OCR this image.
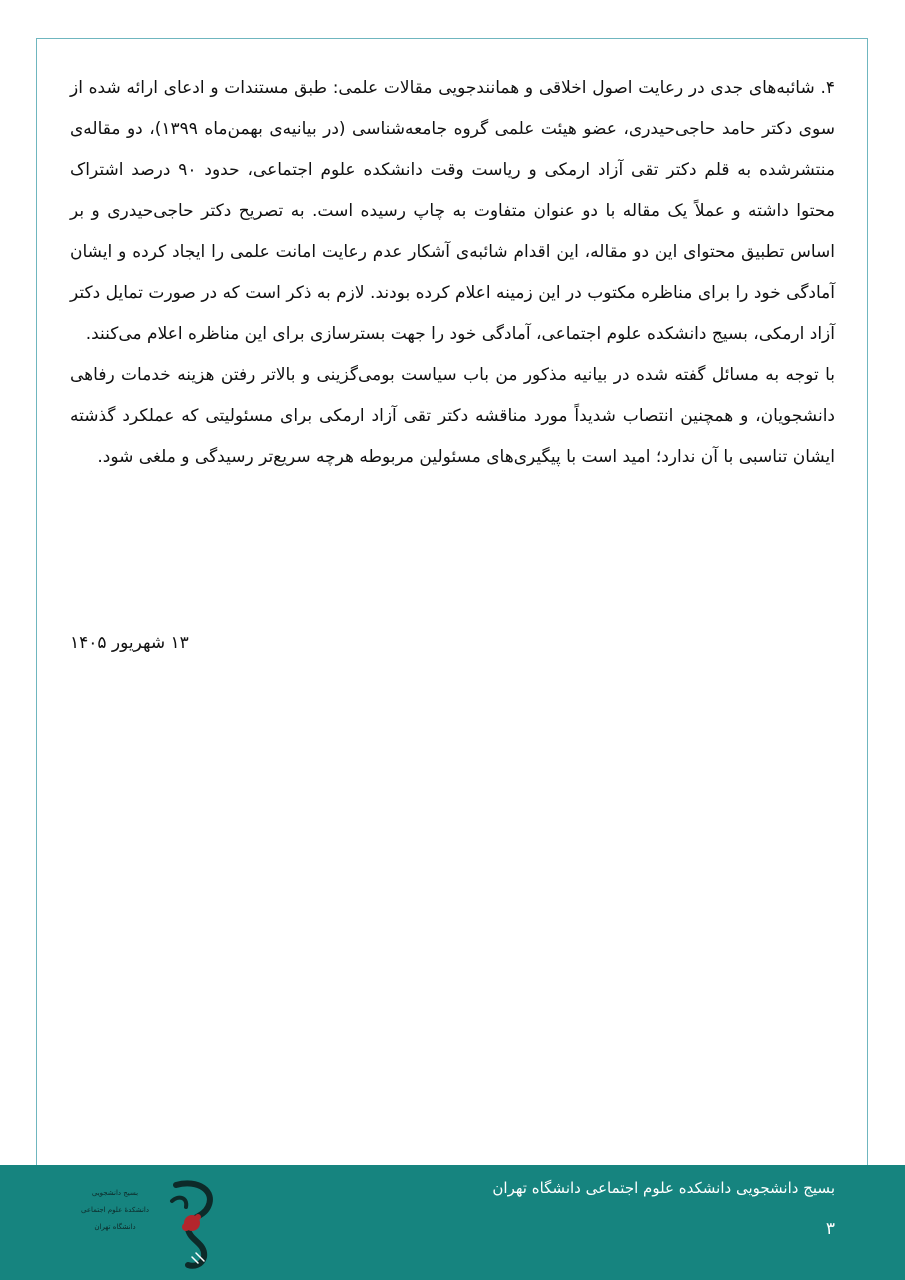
۴. شائبه‌های جدی در رعایت اصول اخلاقی و همانندجویی مقالات علمی: طبق مستندات و ادعای ارائه شده از سوی دکتر حامد حاجی‌حیدری، عضو هیئت علمی گروه جامعه‌شناسی (در بیانیه‌ی بهمن‌ماه ۱۳۹۹)، دو مقاله‌ی منتشرشده به قلم دکتر تقی آزاد ارمکی و ریاست وقت دانشکده علوم اجتماعی، حدود ۹۰ درصد اشتراک محتوا داشته و عملاً یک مقاله با دو عنوان متفاوت به چاپ رسیده است. به تصریح دکتر حاجی‌حیدری و بر اساس تطبیق محتوای این دو مقاله، این اقدام شائبه‌ی آشکار عدم رعایت امانت علمی را ایجاد کرده و ایشان آمادگی خود را برای مناظره مکتوب در این زمینه اعلام کرده بودند. لازم به ذکر است که در صورت تمایل دکتر آزاد ارمکی، بسیج دانشکده علوم اجتماعی، آمادگی خود را جهت بسترسازی برای این مناظره اعلام می‌کنند.

با توجه به مسائل گفته شده در بیانیه مذکور من باب سیاست بومی‌گزینی و بالاتر رفتن هزینه خدمات رفاهی دانشجویان، و همچنین انتصاب شدیداً مورد مناقشه دکتر تقی آزاد ارمکی برای مسئولیتی که عملکرد گذشته ایشان تناسبی با آن ندارد؛ امید است با پیگیری‌های مسئولین مربوطه هرچه سریع‌تر رسیدگی و ملغی شود.

۱۳ شهریور ۱۴۰۵
بسیج دانشجویی دانشکده علوم اجتماعی دانشگاه تهران
۳
بسیج دانشجویی
دانشکدهٔ علوم اجتماعی
دانشگاه تهران
